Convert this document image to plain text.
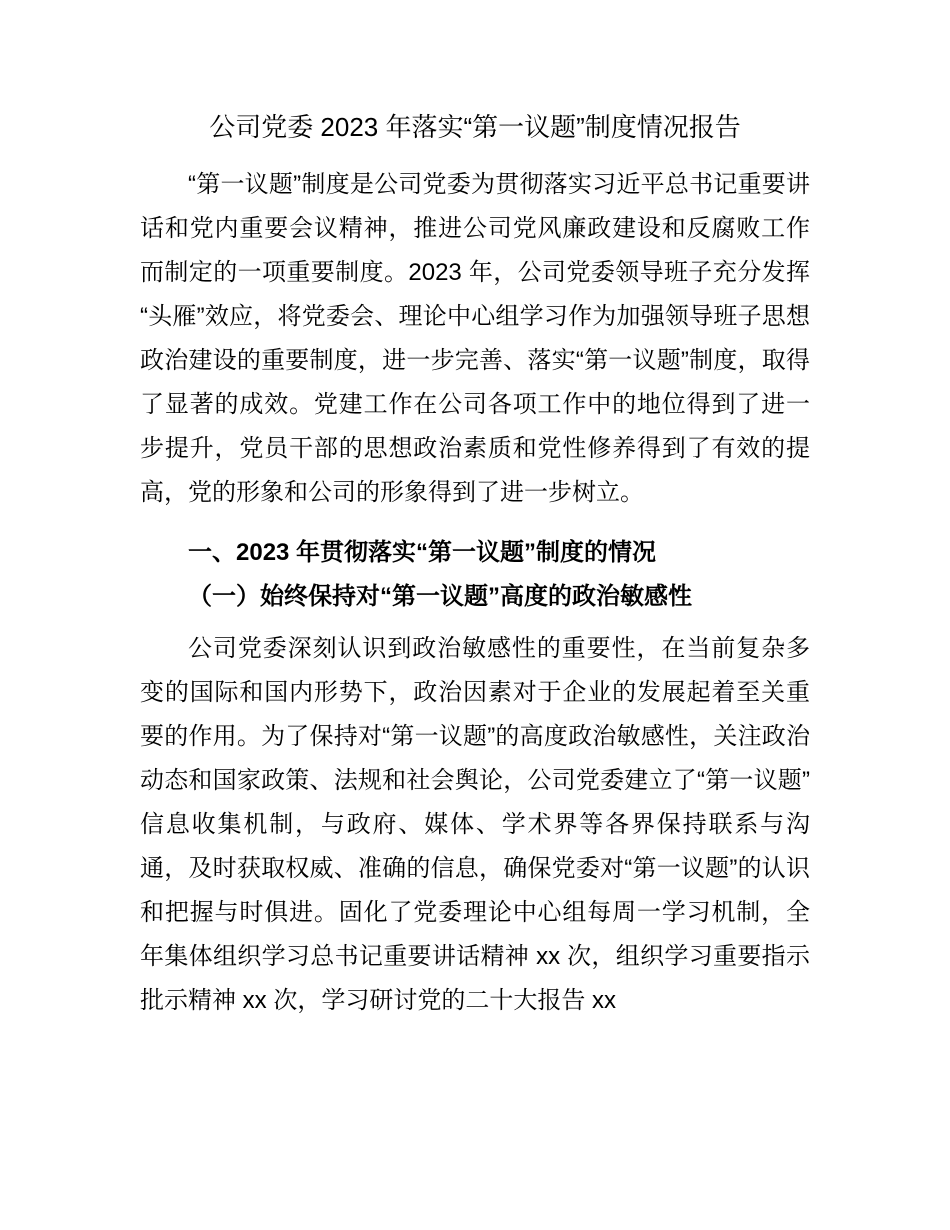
公司党委 2023 年落实“第一议题”制度情况报告

“第一议题”制度是公司党委为贯彻落实习近平总书记重要讲话和党内重要会议精神，推进公司党风廉政建设和反腐败工作而制定的一项重要制度。2023 年，公司党委领导班子充分发挥“头雁”效应，将党委会、理论中心组学习作为加强领导班子思想政治建设的重要制度，进一步完善、落实“第一议题”制度，取得了显著的成效。党建工作在公司各项工作中的地位得到了进一步提升，党员干部的思想政治素质和党性修养得到了有效的提高，党的形象和公司的形象得到了进一步树立。

一、2023 年贯彻落实“第一议题”制度的情况
（一）始终保持对“第一议题”高度的政治敏感性

公司党委深刻认识到政治敏感性的重要性，在当前复杂多变的国际和国内形势下，政治因素对于企业的发展起着至关重要的作用。为了保持对“第一议题”的高度政治敏感性，关注政治动态和国家政策、法规和社会舆论，公司党委建立了“第一议题”信息收集机制，与政府、媒体、学术界等各界保持联系与沟通，及时获取权威、准确的信息，确保党委对“第一议题”的认识和把握与时俱进。固化了党委理论中心组每周一学习机制，全年集体组织学习总书记重要讲话精神 xx 次，组织学习重要指示批示精神 xx 次，学习研讨党的二十大报告 xx
